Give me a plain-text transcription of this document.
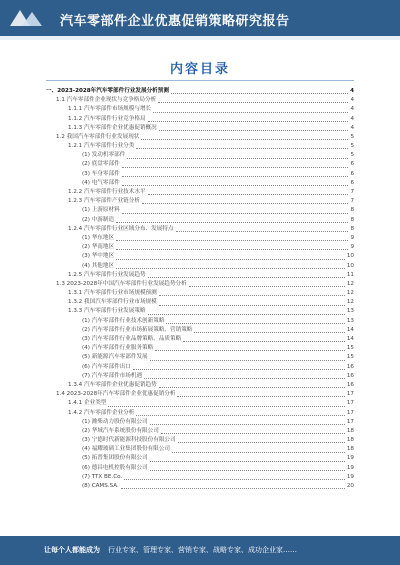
汽车零部件企业优惠促销策略研究报告
内容目录
一、2023-2028年汽车零部件行业发展分析预测	4
1.1 汽车零部件企业现状与竞争格局分析	4
1.1.1 汽车零部件市场规模与增长	4
1.1.2 汽车零部件行业竞争格局	4
1.1.3 汽车零部件企业优惠促销概况	4
1.2 我国汽车零部件行业发展现状	5
1.2.1 汽车零部件行业分类	5
(1) 发动机零部件	5
(2) 底盘零部件	6
(3) 车身零部件	6
(4) 电气零部件	6
1.2.2 汽车零部件行业技术水平	7
1.2.3 汽车零部件产业链分析	7
(1) 上游原材料	8
(2) 中游制造	8
1.2.4 汽车零部件行业区域分布、发展特点	8
(1) 华东地区	9
(2) 华南地区	9
(3) 华中地区	10
(4) 其他地区	10
1.2.5 汽车零部件行业发展趋势	11
1.3 2023-2028年中国汽车零部件行业发展趋势分析	12
1.3.1 汽车零部件行业市场规模预测	12
1.3.2 我国汽车零部件行业市场规模	12
1.3.3 汽车零部件行业发展策略	13
(1) 汽车零部件行业技术创新策略	13
(2) 汽车零部件行业市场拓展策略、营销策略	14
(3) 汽车零部件行业品牌策略、品质策略	14
(4) 汽车零部件行业服务策略	15
(5) 新能源汽车零部件发展	15
(6) 汽车零部件出口	16
(7) 汽车零部件市场机遇	16
1.3.4 汽车零部件企业优惠促销趋势	16
1.4 2023-2028年汽车零部件企业优惠促销分析	17
1.4.1 企业类型	17
1.4.2 汽车零部件企业分析	17
(1) 潍柴动力股份有限公司	17
(2) 华域汽车系统股份有限公司	18
(3) 宁德时代新能源科技股份有限公司	18
(4) 福耀玻璃工业集团股份有限公司	18
(5) 拓普集团股份有限公司	19
(6) 德昌电机控股有限公司	19
(7) TTX BE.Co.	19
(8) CAMS.SA.	20
让每个人都能成为 行业专家、管理专家、营销专家、战略专家、成功企业家……
